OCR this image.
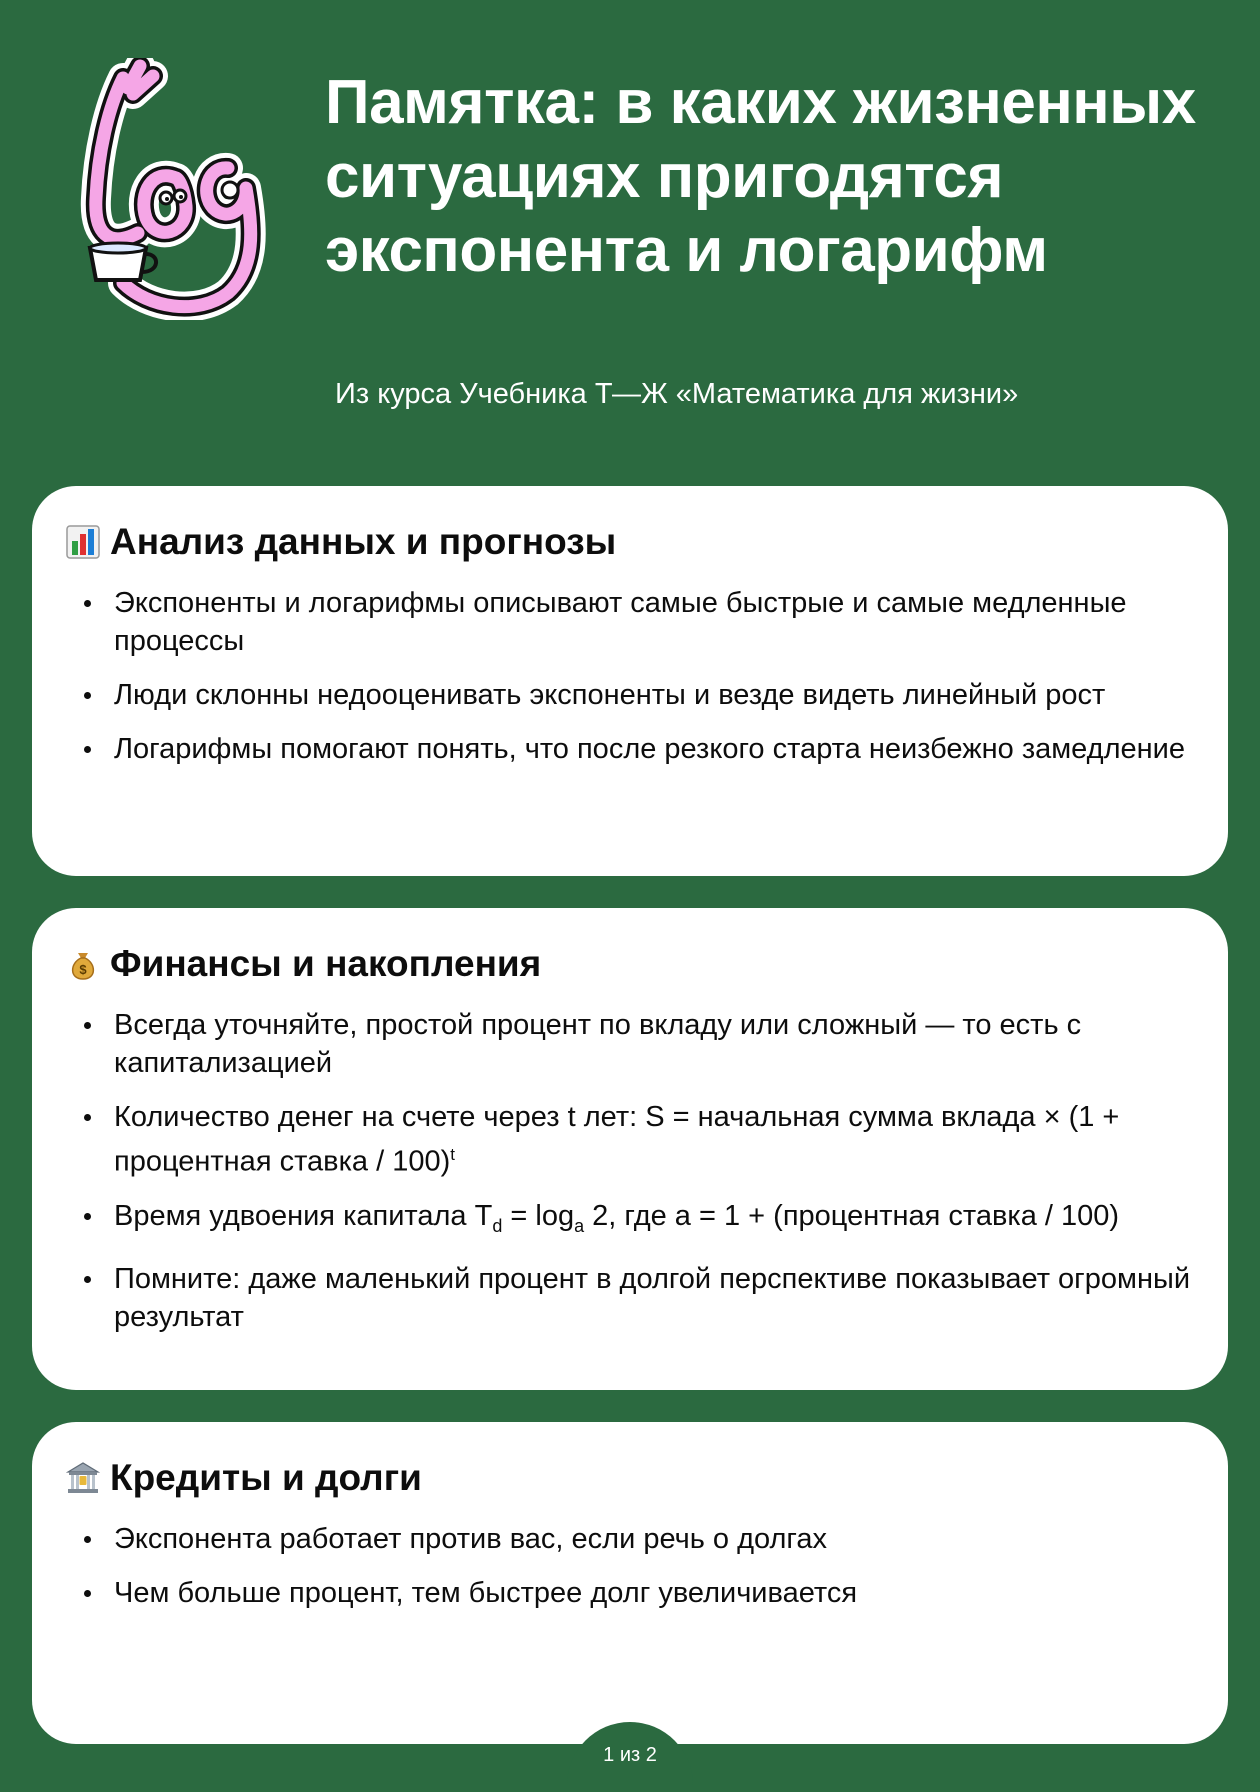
Памятка: в каких жизненных ситуациях пригодятся экспонента и логарифм

Из курса Учебника Т—Ж «Математика для жизни»

Анализ данных и прогнозы
Экспоненты и логарифмы описывают самые быстрые и самые медленные процессы
Люди склонны недооценивать экспоненты и везде видеть линейный рост
Логарифмы помогают понять, что после резкого старта неизбежно замедление
$ Финансы и накопления
Всегда уточняйте, простой процент по вкладу или сложный — то есть с капитализацией
Количество денег на счете через t лет: S = начальная сумма вклада × (1 + процентная ставка / 100)$^t$
Время удвоения капитала $T_d = \log_a 2$, где a = 1 + (процентная ставка / 100)
Помните: даже маленький процент в долгой перспективе показывает огромный результат
Кредиты и долги
Экспонента работает против вас, если речь о долгах
Чем больше процент, тем быстрее долг увеличивается
1 из 2
